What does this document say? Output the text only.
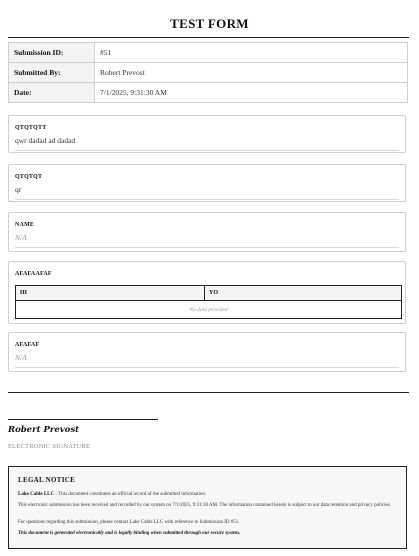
TEST FORM
Submission ID:	#51
Submitted By:	Robert Prevost
Date:	7/1/2025, 9:31:30 AM
QTQTQTT
qwr dadad ad dadad
QTQTQT
qr
NAME
N/A
AFAFAAFAF
HI	YO
No data provided
AFAFAF
N/A
Robert Prevost
ELECTRONIC SIGNATURE
LEGAL NOTICE
Lake Cable LLC - This document constitutes an official record of the submitted information.
This electronic submission has been received and recorded by our system on 7/1/2025, 9:31:30 AM. The information contained herein is subject to our data retention and privacy policies.
For questions regarding this submission, please contact Lake Cable LLC with reference to Submission ID #51.
This document is generated electronically and is legally binding when submitted through our secure system.
